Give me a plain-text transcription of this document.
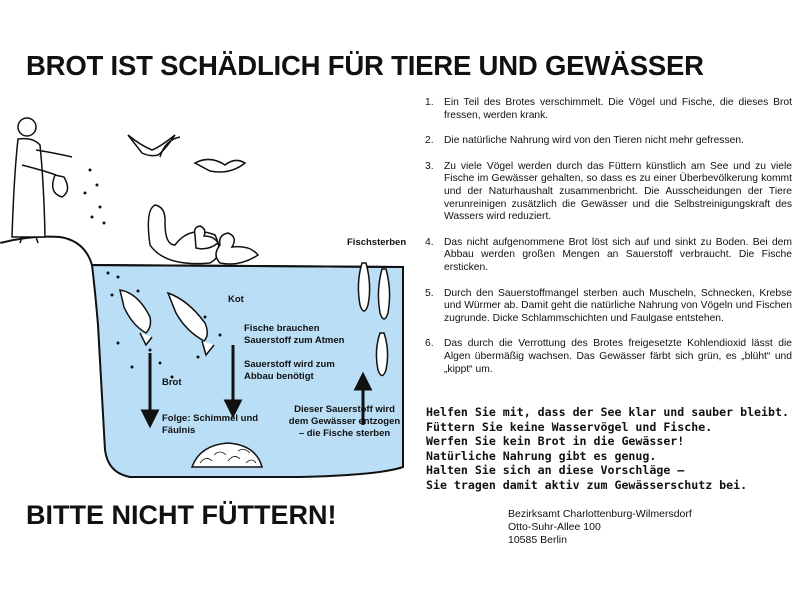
BROT IST SCHÄDLICH FÜR TIERE UND GEWÄSSER
Fischsterben
Kot
Brot
Fische brauchen Sauerstoff zum Atmen
Sauerstoff wird zum Abbau benötigt
Folge: Schimmel und Fäulnis
Dieser Sauerstoff wird dem Gewässer entzogen – die Fische sterben
1. Ein Teil des Brotes verschimmelt. Die Vögel und Fische, die dieses Brot fressen, werden krank.
2. Die natürliche Nahrung wird von den Tieren nicht mehr gefressen.
3. Zu viele Vögel werden durch das Füttern künstlich am See und zu viele Fische im Gewässer gehalten, so dass es zu einer Überbevölkerung kommt und der Naturhaushalt zusammenbricht. Die Ausscheidungen der Tiere verunreinigen zusätzlich die Gewässer und die Selbstreinigungskraft des Wassers wird reduziert.
4. Das nicht aufgenommene Brot löst sich auf und sinkt zu Boden. Bei dem Abbau werden großen Mengen an Sauerstoff verbraucht. Die Fische ersticken.
5. Durch den Sauerstoffmangel sterben auch Muscheln, Schnecken, Krebse und Würmer ab. Damit geht die natürliche Nahrung von Vögeln und Fischen zugrunde. Dicke Schlammschichten und Faulgase entstehen.
6. Das durch die Verrottung des Brotes freigesetzte Kohlendioxid lässt die Algen übermäßig wachsen. Das Gewässer färbt sich grün, es „blüht“ und „kippt“ um.
Helfen Sie mit, dass der See klar und sauber bleibt.
Füttern Sie keine Wasservögel und Fische.
Werfen Sie kein Brot in die Gewässer!
Natürliche Nahrung gibt es genug.
Halten Sie sich an diese Vorschläge –
Sie tragen damit aktiv zum Gewässerschutz bei.
BITTE NICHT FÜTTERN!	Bezirksamt Charlottenburg-Wilmersdorf
Otto-Suhr-Allee 100
10585 Berlin
